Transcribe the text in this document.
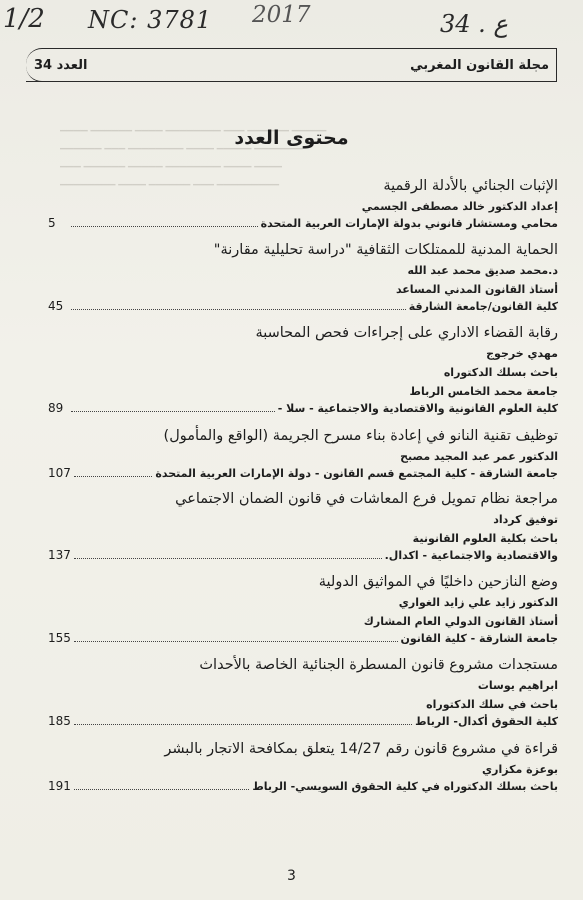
▁▁▁▁ ▁▁▁▁▁▁ ▁▁▁▁ ▁▁▁▁▁▁▁▁ ▁▁▁ ▁▁▁▁▁▁ ▁▁▁▁▁
▁▁▁▁▁▁ ▁▁▁ ▁▁▁▁▁▁▁▁ ▁▁▁▁ ▁▁▁▁▁ ▁▁▁▁▁▁▁
▁▁▁ ▁▁▁▁▁▁ ▁▁▁▁▁ ▁▁▁▁▁▁▁▁ ▁▁▁▁ ▁▁▁▁
▁▁▁▁▁▁▁▁ ▁▁▁▁ ▁▁▁▁▁▁ ▁▁▁ ▁▁▁▁▁▁▁▁▁
1/2 NC: 3781 2017	34 . ع
مجلة القانون المغربي
العدد 34
محتوى العدد
الإثبات الجنائي بالأدلة الرقمية
إعداد الدكتور خالد مصطفى الجسمي
محامي ومستشار قانوني بدولة الإمارات العربية المتحدة
5
الحماية المدنية للممتلكات الثقافية "دراسة تحليلية مقارنة"
د.محمد صديق محمد عبد الله
أستاذ القانون المدني المساعد
كلية القانون/جامعة الشارقة
45
رقابة القضاء الاداري على إجراءات فحص المحاسبة
مهدي خرجوج
باحث بسلك الدكتوراه
جامعة محمد الخامس الرباط
كلية العلوم القانونية والاقتصادية والاجتماعية - سلا -
89
توظيف تقنية النانو في إعادة بناء مسرح الجريمة (الواقع والمأمول)
الدكتور عمر عبد المجيد مصبح
جامعة الشارقة - كلية المجتمع قسم القانون - دولة الإمارات العربية المتحدة
107
مراجعة نظام تمويل فرع المعاشات في قانون الضمان الاجتماعي
توفيق كرداد
باحث بكلية العلوم القانونية
والاقتصادية والاجتماعية - اكدال.
137
وضع النازحين داخليًا في المواثيق الدولية
الدكتور زايد علي زايد الغواري
أستاذ القانون الدولي العام المشارك
جامعة الشارقة - كلية القانون
155
مستجدات مشروع قانون المسطرة الجنائية الخاصة بالأحداث
ابراهيم يوسات
باحث في سلك الدكتوراه
كلية الحقوق أكدال- الرباط
185
قراءة في مشروع قانون رقم 14/27 يتعلق بمكافحة الاتجار بالبشر
بوعزة مكزاري
باحث بسلك الدكتوراه في كلية الحقوق السويسي- الرباط
191
3
